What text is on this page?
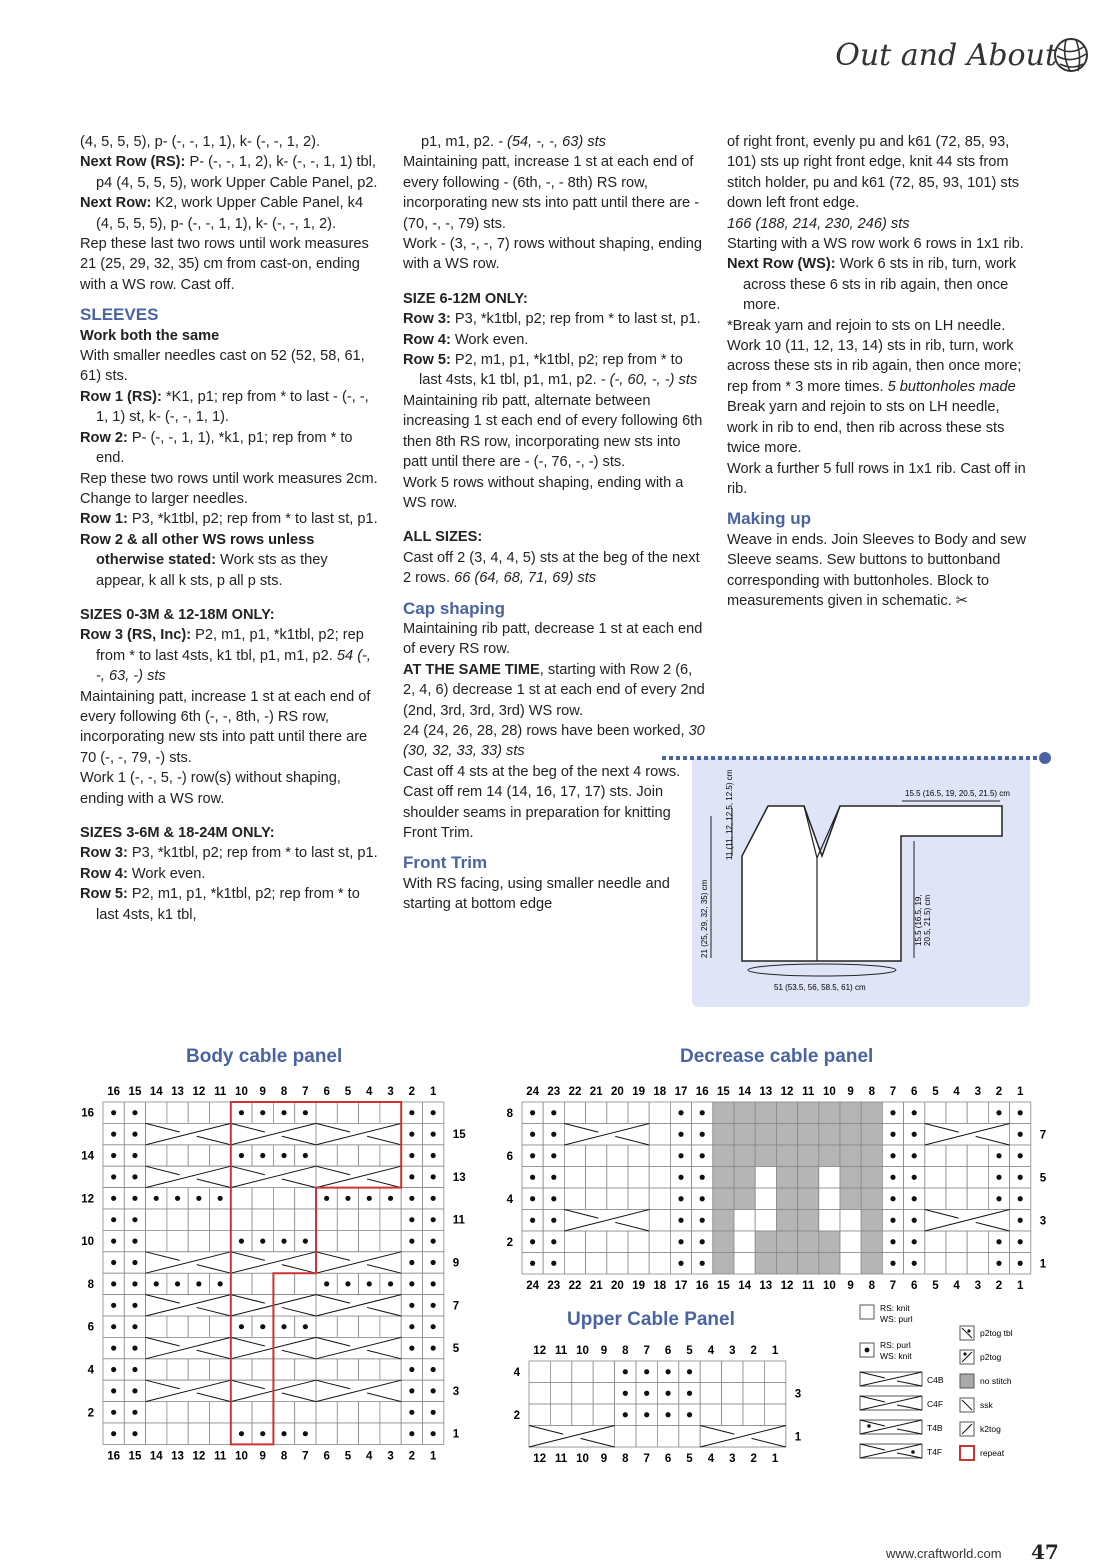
Out and About

(4, 5, 5, 5), p- (-, -, 1, 1), k- (-, -, 1, 2).

Next Row (RS): P- (-, -, 1, 2), k- (-, -, 1, 1) tbl, p4 (4, 5, 5, 5), work Upper Cable Panel, p2.

Next Row: K2, work Upper Cable Panel, k4 (4, 5, 5, 5), p- (-, -, 1, 1), k- (-, -, 1, 2).

Rep these last two rows until work measures 21 (25, 29, 32, 35) cm from cast-on, ending with a WS row. Cast off.

SLEEVES

Work both the same

With smaller needles cast on 52 (52, 58, 61, 61) sts.

Row 1 (RS): *K1, p1; rep from * to last - (-, -, 1, 1) st, k- (-, -, 1, 1).

Row 2: P- (-, -, 1, 1), *k1, p1; rep from * to end.

Rep these two rows until work measures 2cm.

Change to larger needles.

Row 1: P3, *k1tbl, p2; rep from * to last st, p1.

Row 2 & all other WS rows unless otherwise stated: Work sts as they appear, k all k sts, p all p sts.

SIZES 0-3M & 12-18M ONLY:

Row 3 (RS, Inc): P2, m1, p1, *k1tbl, p2; rep from * to last 4sts, k1 tbl, p1, m1, p2. 54 (-, -, 63, -) sts

Maintaining patt, increase 1 st at each end of every following 6th (-, -, 8th, -) RS row, incorporating new sts into patt until there are 70 (-, -, 79, -) sts.

Work 1 (-, -, 5, -) row(s) without shaping, ending with a WS row.

SIZES 3-6M & 18-24M ONLY:

Row 3: P3, *k1tbl, p2; rep from * to last st, p1.

Row 4: Work even.

Row 5: P2, m1, p1, *k1tbl, p2; rep from * to last 4sts, k1 tbl,

p1, m1, p2. - (54, -, -, 63) sts

Maintaining patt, increase 1 st at each end of every following - (6th, -, - 8th) RS row, incorporating new sts into patt until there are - (70, -, -, 79) sts.

Work - (3, -, -, 7) rows without shaping, ending with a WS row.

SIZE 6-12M ONLY:

Row 3: P3, *k1tbl, p2; rep from * to last st, p1.

Row 4: Work even.

Row 5: P2, m1, p1, *k1tbl, p2; rep from * to last 4sts, k1 tbl, p1, m1, p2. - (-, 60, -, -) sts

Maintaining rib patt, alternate between increasing 1 st each end of every following 6th then 8th RS row, incorporating new sts into patt until there are - (-, 76, -, -) sts.

Work 5 rows without shaping, ending with a WS row.

ALL SIZES:

Cast off 2 (3, 4, 4, 5) sts at the beg of the next 2 rows. 66 (64, 68, 71, 69) sts

Cap shaping

Maintaining rib patt, decrease 1 st at each end of every RS row.

AT THE SAME TIME, starting with Row 2 (6, 2, 4, 6) decrease 1 st at each end of every 2nd (2nd, 3rd, 3rd, 3rd) WS row.

24 (24, 26, 28, 28) rows have been worked, 30 (30, 32, 33, 33) sts

Cast off 4 sts at the beg of the next 4 rows.

Cast off rem 14 (14, 16, 17, 17) sts. Join shoulder seams in preparation for knitting Front Trim.

Front Trim

With RS facing, using smaller needle and starting at bottom edge

of right front, evenly pu and k61 (72, 85, 93, 101) sts up right front edge, knit 44 sts from stitch holder, pu and k61 (72, 85, 93, 101) sts down left front edge.

166 (188, 214, 230, 246) sts

Starting with a WS row work 6 rows in 1x1 rib.

Next Row (WS): Work 6 sts in rib, turn, work across these 6 sts in rib again, then once more.

*Break yarn and rejoin to sts on LH needle. Work 10 (11, 12, 13, 14) sts in rib, turn, work across these sts in rib again, then once more; rep from * 3 more times. 5 buttonholes made

Break yarn and rejoin to sts on LH needle, work in rib to end, then rib across these sts twice more.

Work a further 5 full rows in 1x1 rib. Cast off in rib.

Making up

Weave in ends. Join Sleeves to Body and sew Sleeve seams. Sew buttons to buttonband corresponding with buttonholes. Block to measurements given in schematic. ✂

15.5 (16.5, 19, 20.5, 21.5) cm
11 (11, 12, 12.5, 12.5) cm
21 (25, 29, 32, 35) cm	15.5 (16.5, 19, 20.5, 21.5) cm
51 (53.5, 56, 58.5, 61) cm
Body cable panel	Decrease cable panel
Upper Cable Panel
16 15 14 13 12 11 10 9 8 7 6 5 4 3 2 1
16 15 14 13 12 11 10 9 8 7 6 5 4 3 2 1
16
14
12
10
8
6
4
2
15
13
11
9
7
5
3
1
24 23 22 21 20 19 18 17 16 15 14 13 12 11 10 9 8 7 6 5 4 3 2 1
24 23 22 21 20 19 18 17 16 15 14 13 12 11 10 9 8 7 6 5 4 3 2 1
8
6
4
2
7
5
3
1
12 11 10 9 8 7 6 5 4 3 2 1
12 11 10 9 8 7 6 5 4 3 2 1
4
2
3
1
RS: knit
WS: purl
RS: purl
WS: knit
C4B
C4F
T4B
T4F
p2tog tbl
p2tog
no stitch
ssk
k2tog
repeat
www.craftworld.com 47
